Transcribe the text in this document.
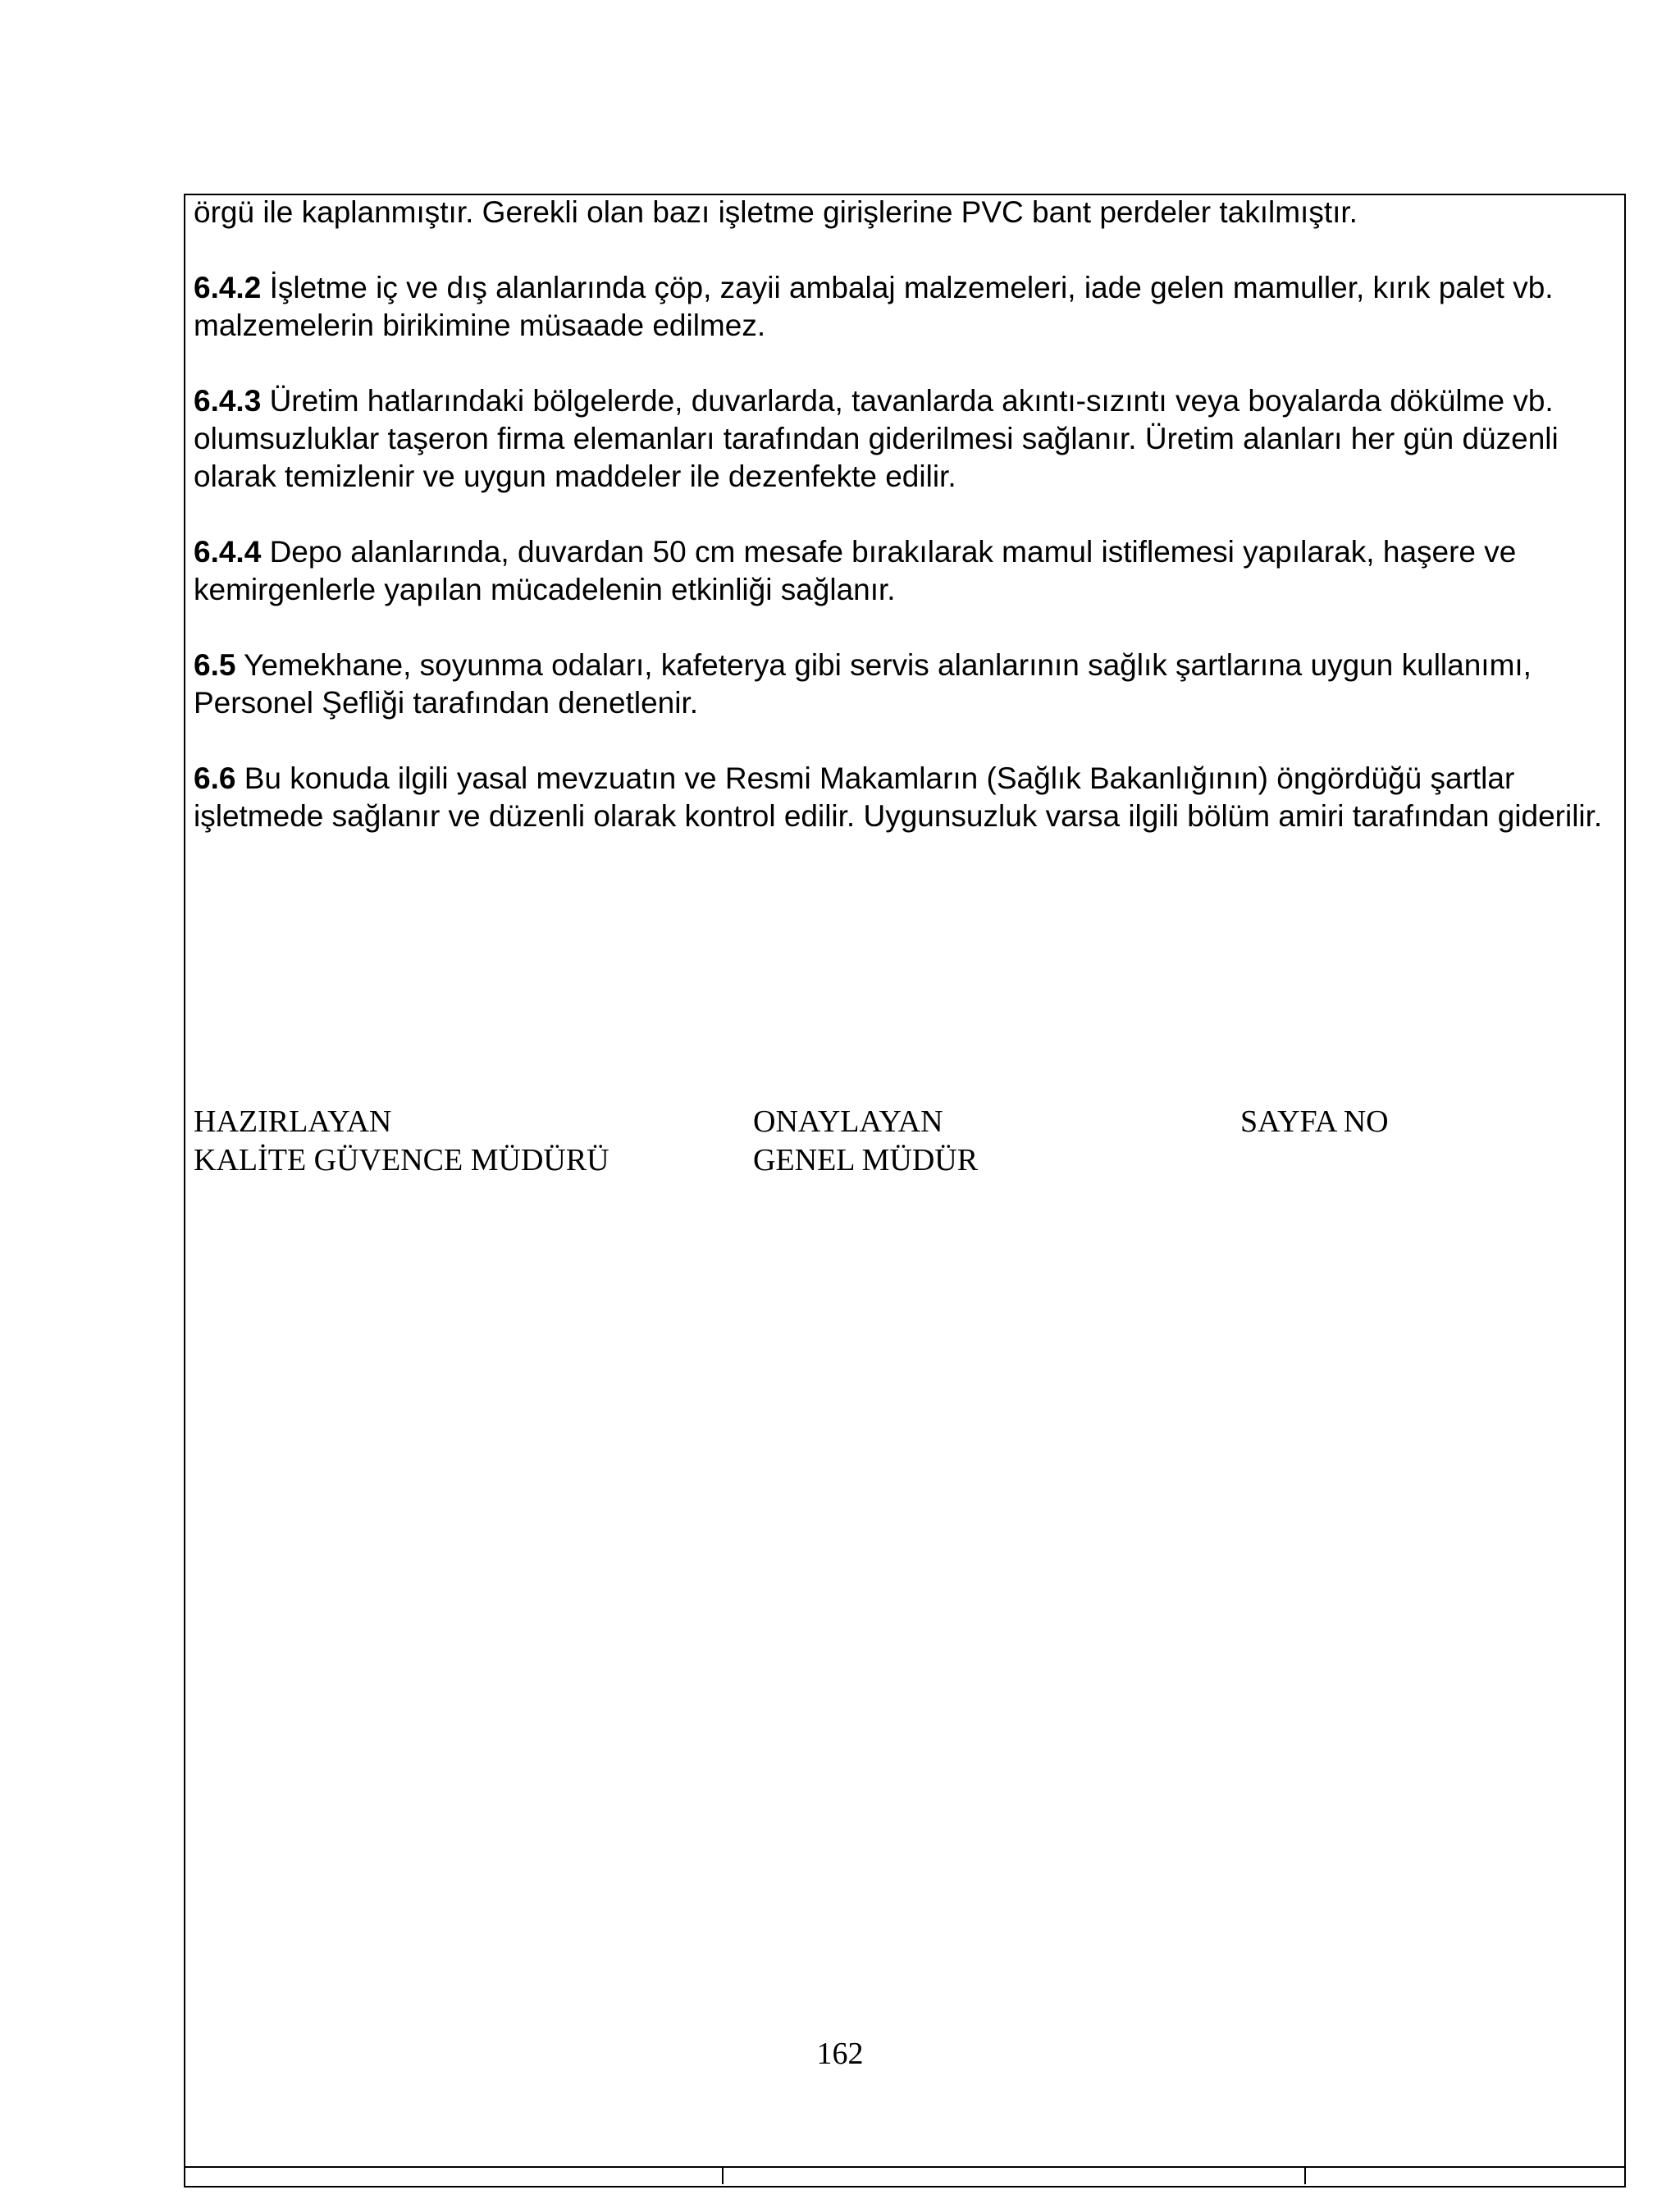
örgü ile kaplanmıştır. Gerekli olan bazı işletme girişlerine PVC bant perdeler takılmıştır.

6.4.2 İşletme iç ve dış alanlarında çöp, zayii ambalaj malzemeleri, iade gelen mamuller, kırık palet vb. malzemelerin birikimine müsaade edilmez.

6.4.3 Üretim hatlarındaki bölgelerde, duvarlarda, tavanlarda akıntı-sızıntı veya boyalarda dökülme vb. olumsuzluklar taşeron firma elemanları tarafından giderilmesi sağlanır. Üretim alanları her gün düzenli olarak temizlenir ve uygun maddeler ile dezenfekte edilir.

6.4.4 Depo alanlarında, duvardan 50 cm mesafe bırakılarak mamul istiflemesi yapılarak, haşere ve kemirgenlerle yapılan mücadelenin etkinliği sağlanır.

6.5 Yemekhane, soyunma odaları, kafeterya gibi servis alanlarının sağlık şartlarına uygun kullanımı, Personel Şefliği tarafından denetlenir.

6.6 Bu konuda ilgili yasal mevzuatın ve Resmi Makamların (Sağlık Bakanlığının) öngördüğü şartlar işletmede sağlanır ve düzenli olarak kontrol edilir. Uygunsuzluk varsa ilgili bölüm amiri tarafından giderilir.

HAZIRLAYAN
KALİTE GÜVENCE MÜDÜRÜ
ONAYLAYAN
GENEL MÜDÜR
SAYFA NO
162
